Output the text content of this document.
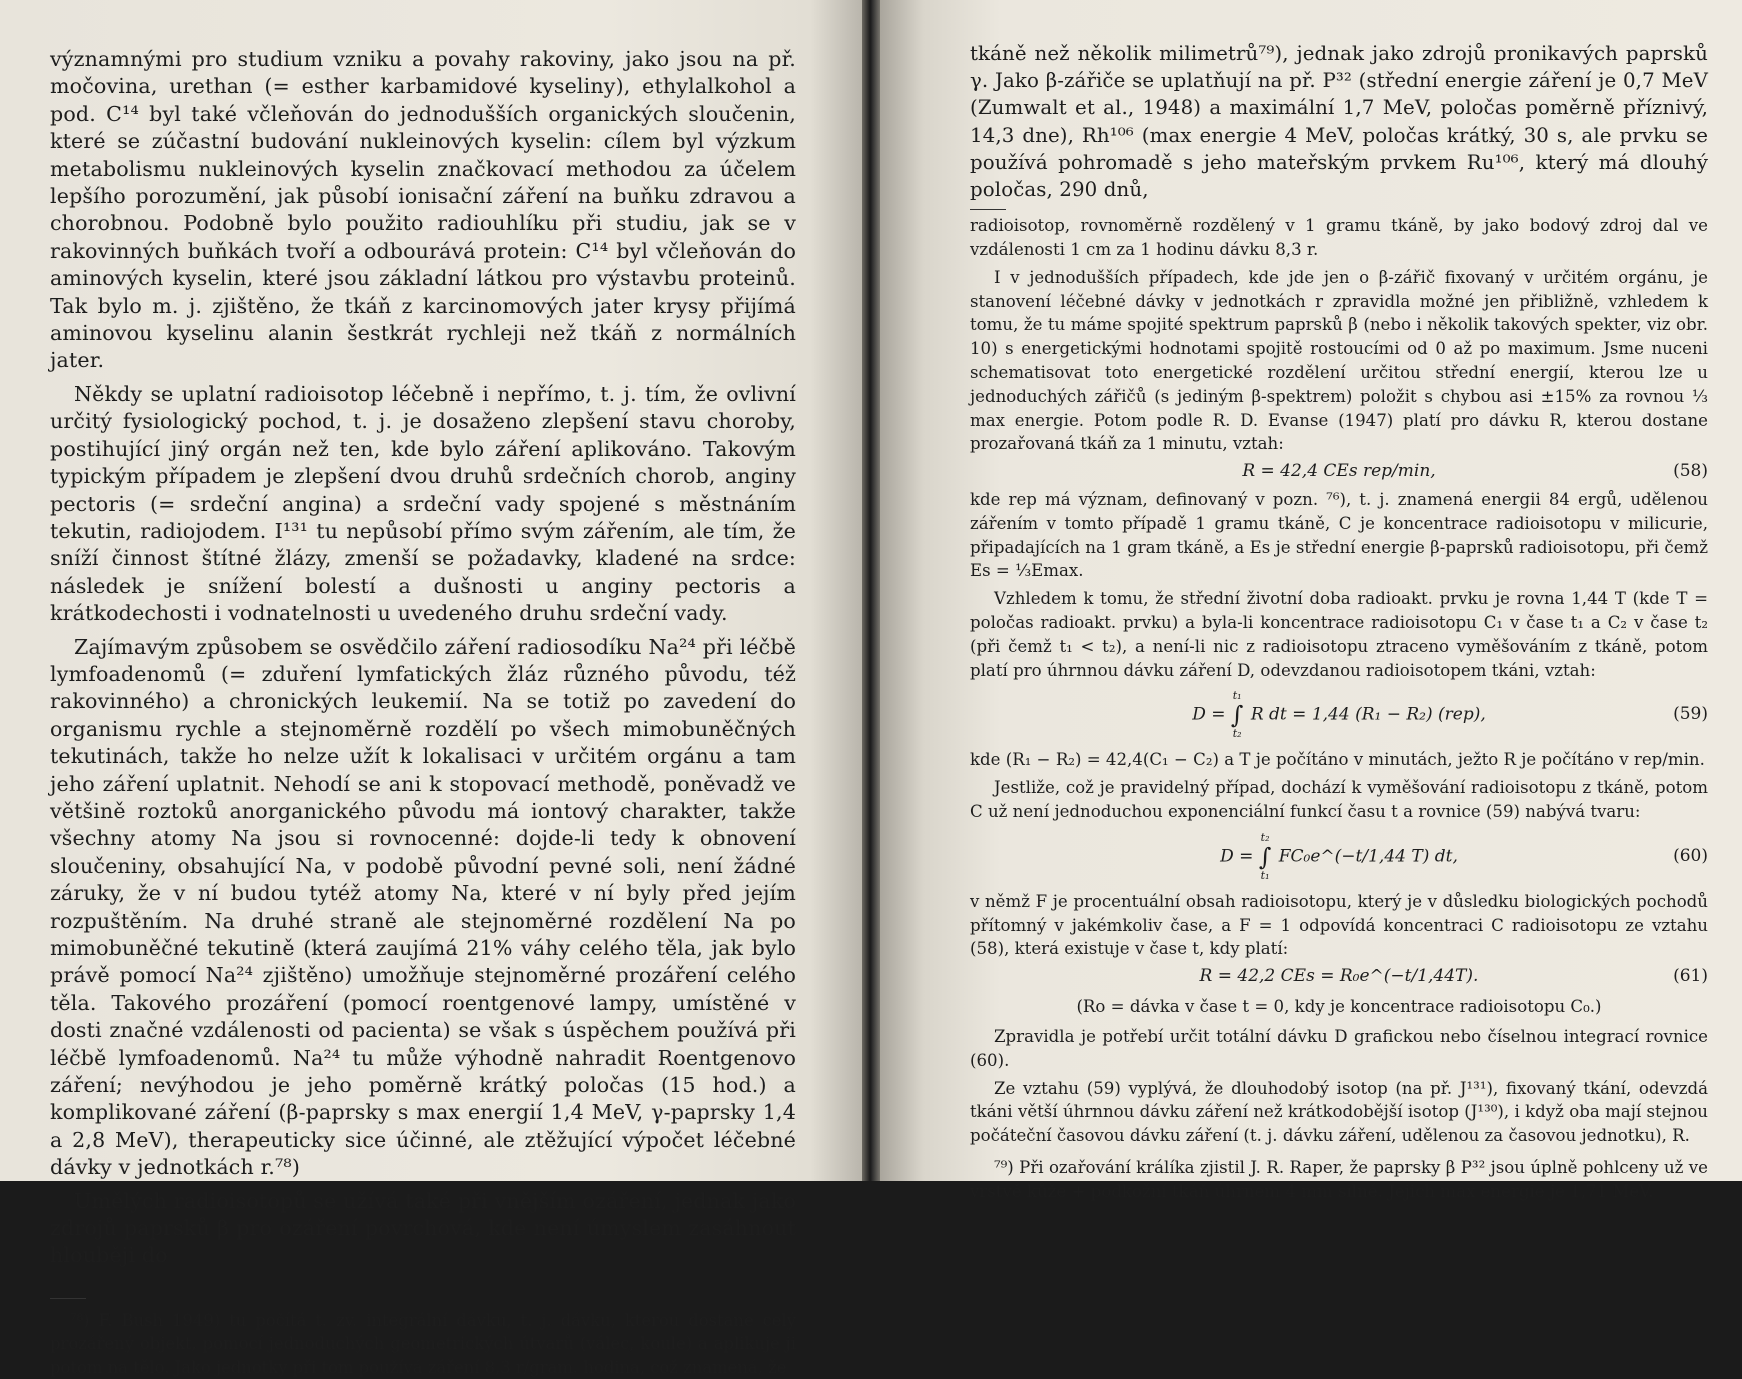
významnými pro studium vzniku a povahy rakoviny, jako jsou na př. močovina, urethan (= esther karbamidové kyseliny), ethylalkohol a pod. C¹⁴ byl také včleňován do jednodušších organických sloučenin, které se zúčastní budování nukleinových kyselin: cílem byl výzkum metabolismu nukleinových kyselin značkovací methodou za účelem lepšího porozumění, jak působí ionisační záření na buňku zdravou a chorobnou. Podobně bylo použito radiouhlíku při studiu, jak se v rakovinných buňkách tvoří a odbourává protein: C¹⁴ byl včleňován do aminových kyselin, které jsou základní látkou pro výstavbu proteinů. Tak bylo m. j. zjištěno, že tkáň z karcinomových jater krysy přijímá aminovou kyselinu alanin šestkrát rychleji než tkáň z normálních jater.

Někdy se uplatní radioisotop léčebně i nepřímo, t. j. tím, že ovlivní určitý fysiologický pochod, t. j. je dosaženo zlepšení stavu choroby, postihující jiný orgán než ten, kde bylo záření aplikováno. Takovým typickým případem je zlepšení dvou druhů srdečních chorob, anginy pectoris (= srdeční angina) a srdeční vady spojené s městnáním tekutin, radiojodem. I¹³¹ tu nepůsobí přímo svým zářením, ale tím, že sníží činnost štítné žlázy, zmenší se požadavky, kladené na srdce: následek je snížení bolestí a dušnosti u anginy pectoris a krátkodechosti i vodnatelnosti u uvedeného druhu srdeční vady.

Zajímavým způsobem se osvědčilo záření radiosodíku Na²⁴ při léčbě lymfoadenomů (= zduření lymfatických žláz různého původu, též rakovinného) a chronických leukemií. Na se totiž po zavedení do organismu rychle a stejnoměrně rozdělí po všech mimobuněčných tekutinách, takže ho nelze užít k lokalisaci v určitém orgánu a tam jeho záření uplatnit. Nehodí se ani k stopovací methodě, poněvadž ve většině roztoků anorganického původu má iontový charakter, takže všechny atomy Na jsou si rovnocenné: dojde-li tedy k obnovení sloučeniny, obsahující Na, v podobě původní pevné soli, není žádné záruky, že v ní budou tytéž atomy Na, které v ní byly před jejím rozpuštěním. Na druhé straně ale stejnoměrné rozdělení Na po mimobuněčné tekutině (která zaujímá 21% váhy celého těla, jak bylo právě pomocí Na²⁴ zjištěno) umožňuje stejnoměrné prozáření celého těla. Takového prozáření (pomocí roentgenové lampy, umístěné v dosti značné vzdálenosti od pacienta) se však s úspěchem používá při léčbě lymfoadenomů. Na²⁴ tu může výhodně nahradit Roentgenovo záření; nevýhodou je jeho poměrně krátký poločas (15 hod.) a komplikované záření (β-paprsky s max energií 1,4 MeV, γ-paprsky 1,4 a 2,8 MeV), therapeuticky sice účinné, ale ztěžující výpočet léčebné dávky v jednotkách r.⁷⁸)

Umělých radioisotopů se užívá také při vnějším ozáření, jednak jako zdrojů paprsků β pro ozáření povrchová, kde není úmyslem zasáhnout hlouběji do

⁷⁸) F. Bush 1949) tu počítá t. zv. integrální dávku, t. j. dávku, kterou dostane celý prozářený objekt, pomocí jednoduchých geometrických útvarů (válec, koule) a aplikuje ji potom na tělo. Jako jednotky při tom používá záření 8,3 r/gram. hodina, což znamená, že

tkáně než několik milimetrů⁷⁹), jednak jako zdrojů pronikavých paprsků γ. Jako β-zářiče se uplatňují na př. P³² (střední energie záření je 0,7 MeV (Zumwalt et al., 1948) a maximální 1,7 MeV, poločas poměrně příznivý, 14,3 dne), Rh¹⁰⁶ (max energie 4 MeV, poločas krátký, 30 s, ale prvku se používá pohromadě s jeho mateřským prvkem Ru¹⁰⁶, který má dlouhý poločas, 290 dnů,

radioisotop, rovnoměrně rozdělený v 1 gramu tkáně, by jako bodový zdroj dal ve vzdálenosti 1 cm za 1 hodinu dávku 8,3 r.

I v jednodušších případech, kde jde jen o β-zářič fixovaný v určitém orgánu, je stanovení léčebné dávky v jednotkách r zpravidla možné jen přibližně, vzhledem k tomu, že tu máme spojité spektrum paprsků β (nebo i několik takových spekter, viz obr. 10) s energetickými hodnotami spojitě rostoucími od 0 až po maximum. Jsme nuceni schematisovat toto energetické rozdělení určitou střední energií, kterou lze u jednoduchých zářičů (s jediným β-spektrem) položit s chybou asi ±15% za rovnou ⅓ max energie. Potom podle R. D. Evanse (1947) platí pro dávku R, kterou dostane prozařovaná tkáň za 1 minutu, vztah:

R = 42,4 CEs rep/min,	(58)

kde rep má význam, definovaný v pozn. ⁷⁶), t. j. znamená energii 84 ergů, udělenou zářením v tomto případě 1 gramu tkáně, C je koncentrace radioisotopu v milicurie, připadajících na 1 gram tkáně, a Es je střední energie β-paprsků radioisotopu, při čemž Es = ⅓Emax.

Vzhledem k tomu, že střední životní doba radioakt. prvku je rovna 1,44 T (kde T = poločas radioakt. prvku) a byla-li koncentrace radioisotopu C₁ v čase t₁ a C₂ v čase t₂ (při čemž t₁ < t₂), a není-li nic z radioisotopu ztraceno vyměšováním z tkáně, potom platí pro úhrnnou dávku záření D, odevzdanou radioisotopem tkáni, vztah:

D =
t₁
∫
t₂
R dt = 1,44 (R₁ − R₂) (rep),	(59)

kde (R₁ − R₂) = 42,4(C₁ − C₂) a T je počítáno v minutách, ježto R je počítáno v rep/min.

Jestliže, což je pravidelný případ, dochází k vyměšování radioisotopu z tkáně, potom C už není jednoduchou exponenciální funkcí času t a rovnice (59) nabývá tvaru:

D =
t₂
∫
t₁
FC₀e^(−t/1,44 T) dt,	(60)

v němž F je procentuální obsah radioisotopu, který je v důsledku biologických pochodů přítomný v jakémkoliv čase, a F = 1 odpovídá koncentraci C radioisotopu ze vztahu (58), která existuje v čase t, kdy platí:

R = 42,2 CEs = R₀e^(−t/1,44T).	(61)
(Ro = dávka v čase t = 0, kdy je koncentrace radioisotopu C₀.)

Zpravidla je potřebí určit totální dávku D grafickou nebo číselnou integrací rovnice (60).

Ze vztahu (59) vyplývá, že dlouhodobý isotop (na př. J¹³¹), fixovaný tkání, odevzdá tkáni větší úhrnnou dávku záření než krátkodobější isotop (J¹³⁰), i když oba mají stejnou počáteční časovou dávku záření (t. j. dávku záření, udělenou za časovou jednotku), R.

⁷⁹) Při ozařování králíka zjistil J. R. Raper, že paprsky β P³² jsou úplně pohlceny už ve vrstvě kůže + podkožní tkáň úhrnem 4 mm silné. Jejich max energie je 1,71 MeV.
